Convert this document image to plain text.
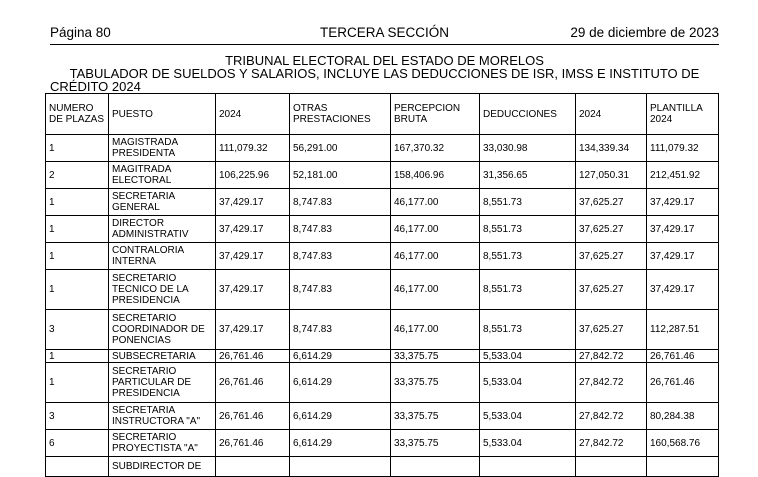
TERCERA SECCIÓN
Página 80	29 de diciembre de 2023
TRIBUNAL ELECTORAL DEL ESTADO DE MORELOS
TABULADOR DE SUELDOS Y SALARIOS, INCLUYE LAS DEDUCCIONES DE ISR, IMSS E INSTITUTO DE
CRÉDITO 2024
NUMERO DE PLAZAS	PUESTO	2024	OTRAS PRESTACIONES	PERCEPCION BRUTA	DEDUCCIONES	2024	PLANTILLA 2024
1	MAGISTRADA PRESIDENTA	111,079.32	56,291.00	167,370.32	33,030.98	134,339.34	111,079.32
2	MAGITRADA ELECTORAL	106,225.96	52,181.00	158,406.96	31,356.65	127,050.31	212,451.92
1	SECRETARIA GENERAL	37,429.17	8,747.83	46,177.00	8,551.73	37,625.27	37,429.17
1	DIRECTOR ADMINISTRATIV	37,429.17	8,747.83	46,177.00	8,551.73	37,625.27	37,429.17
1	CONTRALORIA INTERNA	37,429.17	8,747.83	46,177.00	8,551.73	37,625.27	37,429.17
1	SECRETARIO TECNICO DE LA PRESIDENCIA	37,429.17	8,747.83	46,177.00	8,551.73	37,625.27	37,429.17
3	SECRETARIO COORDINADOR DE PONENCIAS	37,429.17	8,747.83	46,177.00	8,551.73	37,625.27	112,287.51
1	SUBSECRETARIA	26,761.46	6,614.29	33,375.75	5,533.04	27,842.72	26,761.46
1	SECRETARIO PARTICULAR DE PRESIDENCIA	26,761.46	6,614.29	33,375.75	5,533.04	27,842.72	26,761.46
3	SECRETARIA INSTRUCTORA "A"	26,761.46	6,614.29	33,375.75	5,533.04	27,842.72	80,284.38
6	SECRETARIO PROYECTISTA "A"	26,761.46	6,614.29	33,375.75	5,533.04	27,842.72	160,568.76
	SUBDIRECTOR DE						
